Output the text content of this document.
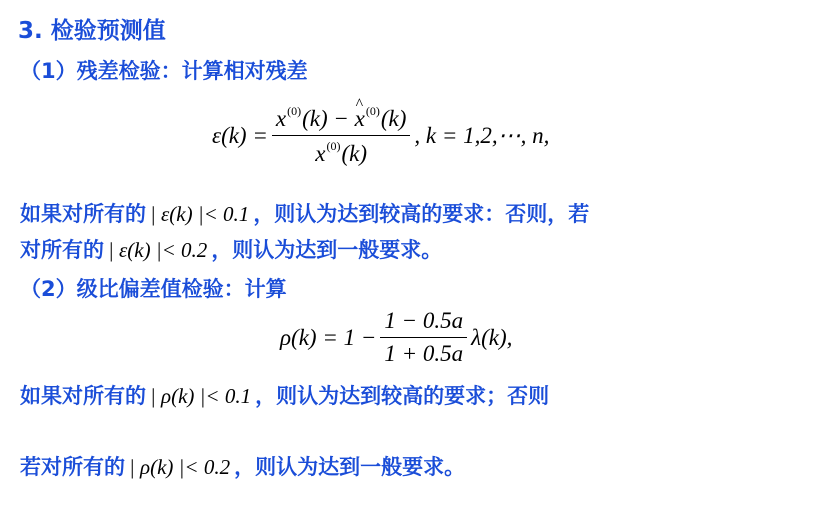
3. 检验预测值
（1）残差检验：计算相对残差
$\varepsilon(k) = \frac{x^{(0)}(k) - \^{} x^{(0)}(k)}{x^{(0)}(k)}$ , k = 1,2,⋯, n,
如果对所有的 | ε(k) |< 0.1 ，则认为达到较高的要求：否则，若
对所有的 | ε(k) |< 0.2 ，则认为达到一般要求。
（2）级比偏差值检验：计算
$\rho(k) = 1 - \frac{1 - 0.5a}{1 + 0.5a} \lambda(k)$,
如果对所有的 | ρ(k) |< 0.1 ，则认为达到较高的要求；否则
若对所有的 | ρ(k) |< 0.2 ，则认为达到一般要求。
